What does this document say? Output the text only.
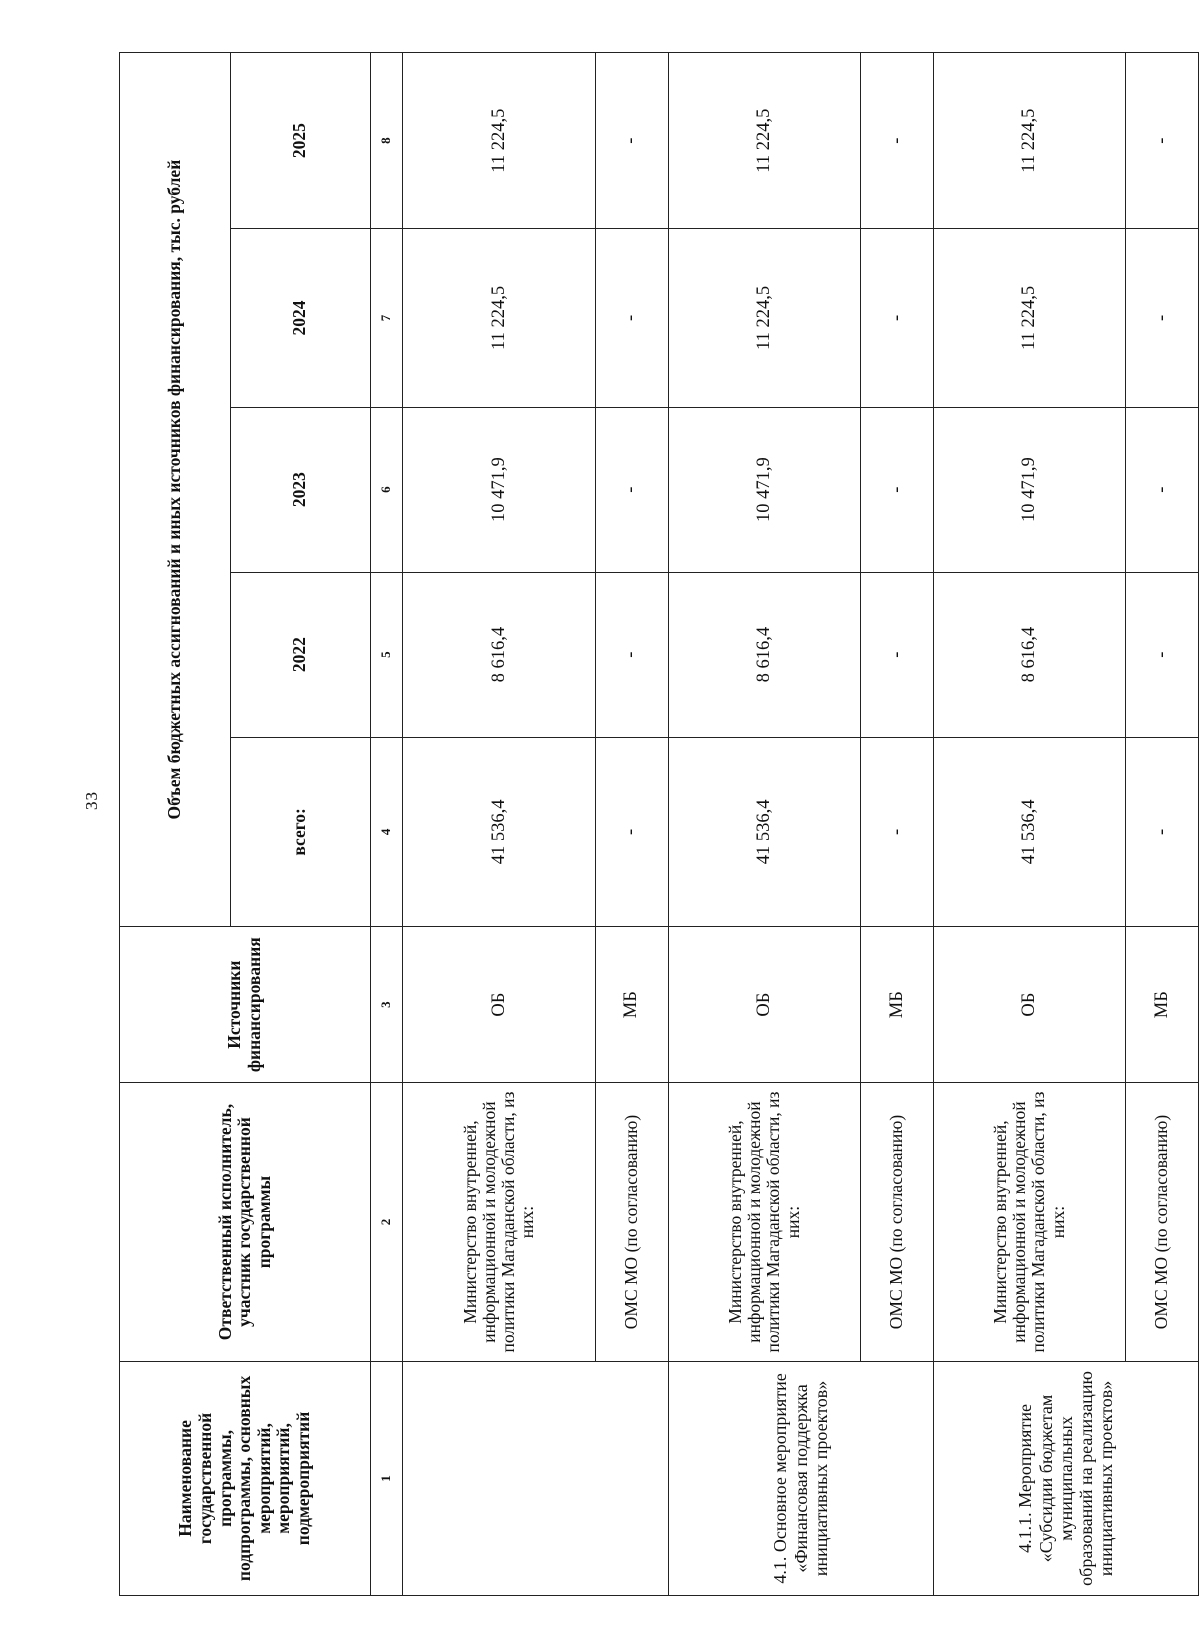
33
Наименование государственной программы, подпрограммы, основных мероприятий, мероприятий, подмероприятий	Ответственный исполнитель, участник государственной программы	Источники финансирования	Объем бюджетных ассигнований и иных источников финансирования, тыс. рублей				
			всего:	2022	2023	2024	2025
1	2	3	4	5	6	7	8
	Министерство внутренней, информационной и молодежной политики Магаданской области, из них:	ОБ	41 536,4	8 616,4	10 471,9	11 224,5	11 224,5
	ОМС МО (по согласованию)	МБ	-	-	-	-	-
4.1. Основное мероприятие «Финансовая поддержка инициативных проектов»	Министерство внутренней, информационной и молодежной политики Магаданской области, из них:	ОБ	41 536,4	8 616,4	10 471,9	11 224,5	11 224,5
	ОМС МО (по согласованию)	МБ	-	-	-	-	-
4.1.1. Мероприятие «Субсидии бюджетам муниципальных образований на реализацию инициативных проектов»	Министерство внутренней, информационной и молодежной политики Магаданской области, из них:	ОБ	41 536,4	8 616,4	10 471,9	11 224,5	11 224,5
	ОМС МО (по согласованию)	МБ	-	-	-	-	-
